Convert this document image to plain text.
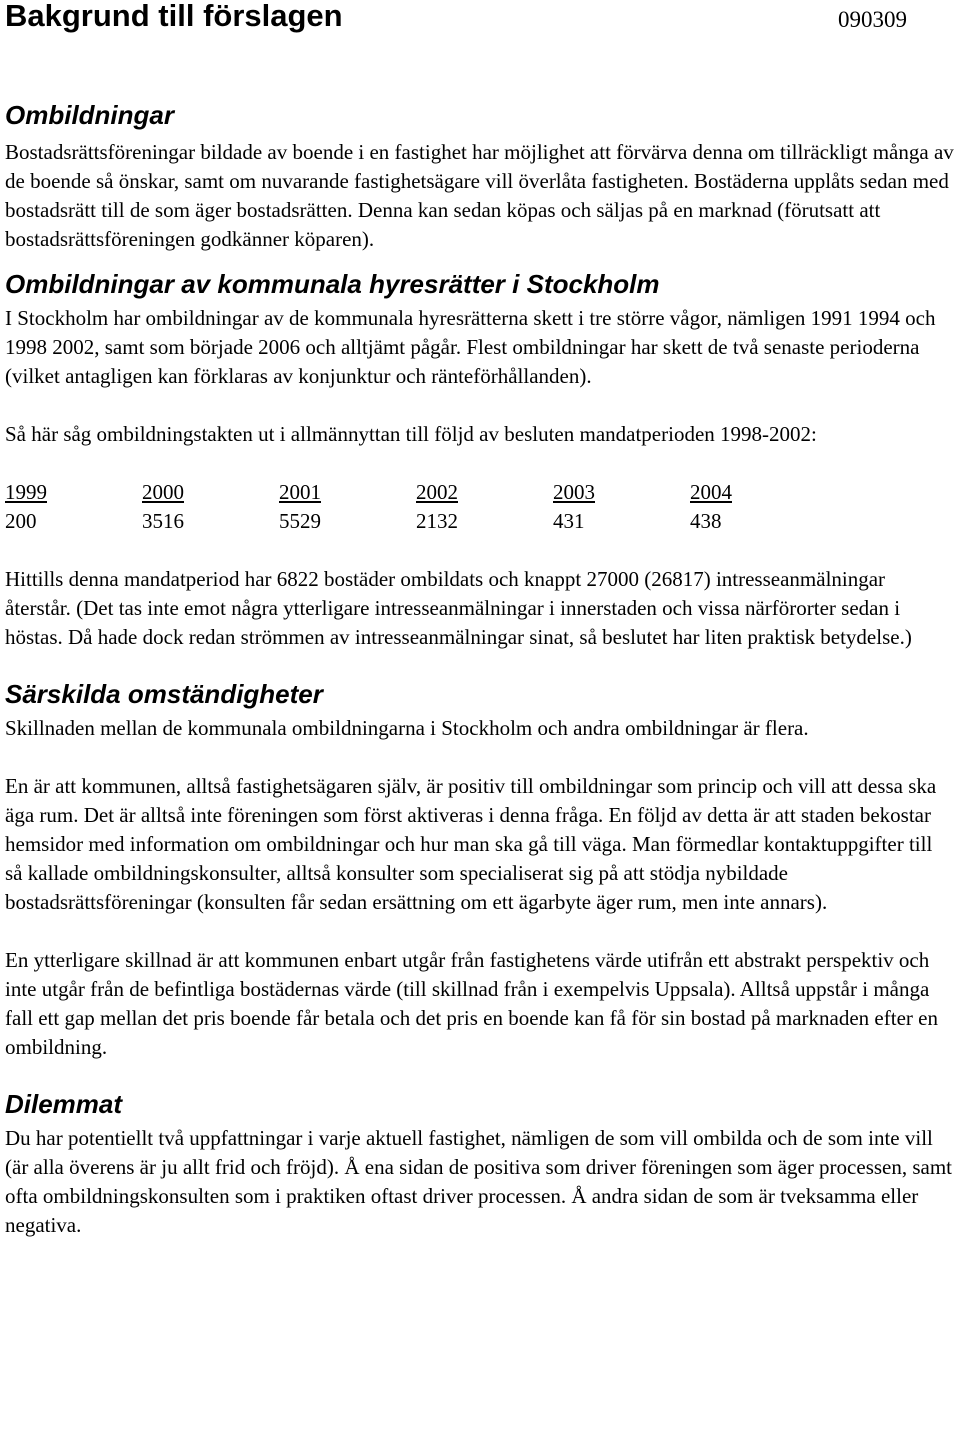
Bakgrund till förslagen	090309
Ombildningar

Bostadsrättsföreningar bildade av boende i en fastighet har möjlighet att förvärva denna om tillräckligt många av de boende så önskar, samt om nuvarande fastighetsägare vill överlåta fastigheten. Bostäderna upplåts sedan med bostadsrätt till de som äger bostadsrätten. Denna kan sedan köpas och säljas på en marknad (förutsatt att bostadsrättsföreningen godkänner köparen).

Ombildningar av kommunala hyresrätter i Stockholm

I Stockholm har ombildningar av de kommunala hyresrätterna skett i tre större vågor, nämligen 1991 1994 och 1998 2002, samt som började 2006 och alltjämt pågår. Flest ombildningar har skett de två senaste perioderna (vilket antagligen kan förklaras av konjunktur och ränteförhållanden).

Så här såg ombildningstakten ut i allmännyttan till följd av besluten mandatperioden 1998-2002:

1999	2000	2001	2002	2003	2004
200	3516	5529	2132	431	438

Hittills denna mandatperiod har 6822 bostäder ombildats och knappt 27000 (26817) intresseanmälningar återstår. (Det tas inte emot några ytterligare intresseanmälningar i innerstaden och vissa närförorter sedan i höstas. Då hade dock redan strömmen av intresseanmälningar sinat, så beslutet har liten praktisk betydelse.)

Särskilda omständigheter

Skillnaden mellan de kommunala ombildningarna i Stockholm och andra ombildningar är flera.

En är att kommunen, alltså fastighetsägaren själv, är positiv till ombildningar som princip och vill att dessa ska äga rum. Det är alltså inte föreningen som först aktiveras i denna fråga. En följd av detta är att staden bekostar hemsidor med information om ombildningar och hur man ska gå till väga. Man förmedlar kontaktuppgifter till så kallade ombildningskonsulter, alltså konsulter som specialiserat sig på att stödja nybildade bostadsrättsföreningar (konsulten får sedan ersättning om ett ägarbyte äger rum, men inte annars).

En ytterligare skillnad är att kommunen enbart utgår från fastighetens värde utifrån ett abstrakt perspektiv och inte utgår från de befintliga bostädernas värde (till skillnad från i exempelvis Uppsala). Alltså uppstår i många fall ett gap mellan det pris boende får betala och det pris en boende kan få för sin bostad på marknaden efter en ombildning.

Dilemmat

Du har potentiellt två uppfattningar i varje aktuell fastighet, nämligen de som vill ombilda och de som inte vill (är alla överens är ju allt frid och fröjd). Å ena sidan de positiva som driver föreningen som äger processen, samt ofta ombildningskonsulten som i praktiken oftast driver processen. Å andra sidan de som är tveksamma eller negativa.
